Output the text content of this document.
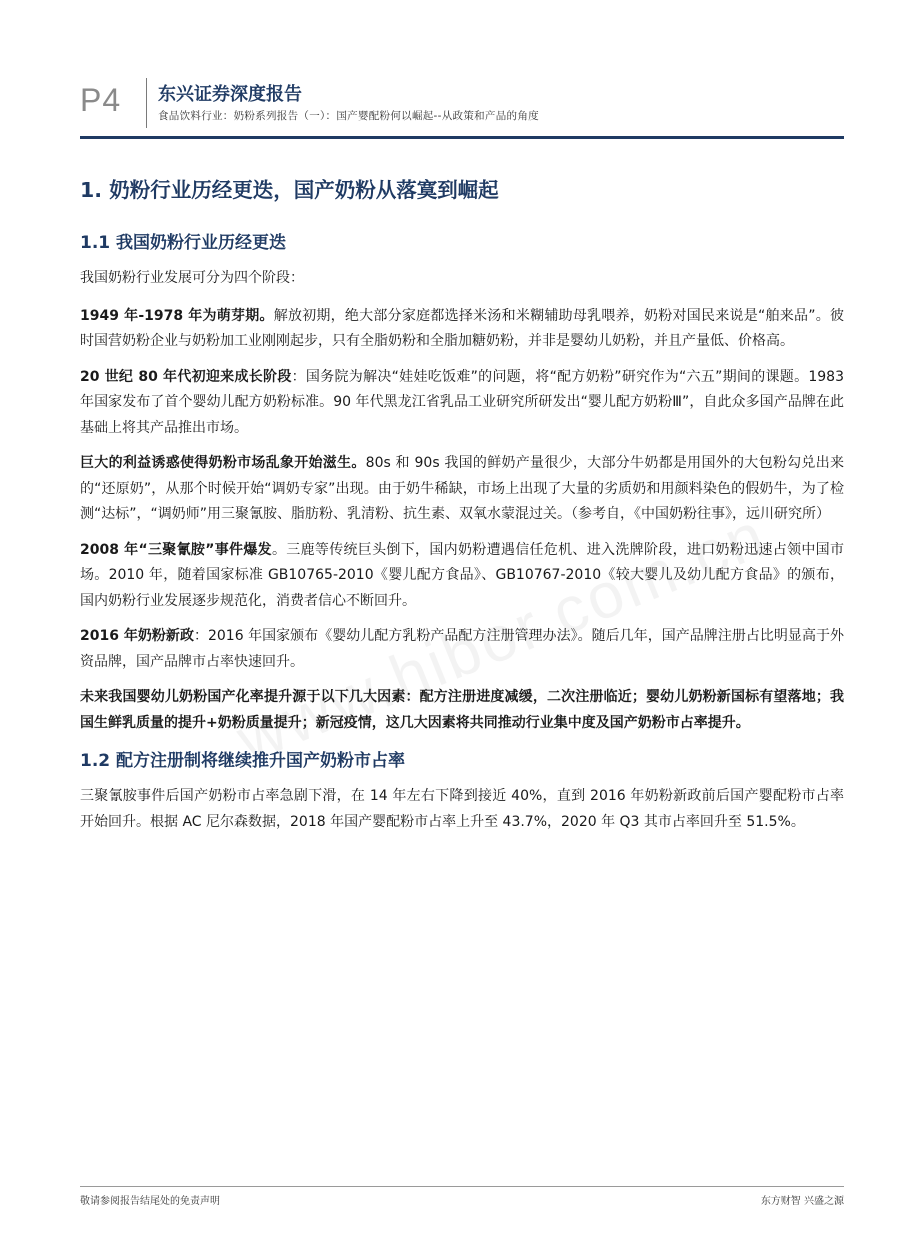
P4 东兴证券深度报告
食品饮料行业：奶粉系列报告（一）：国产婴配粉何以崛起--从政策和产品的角度
1. 奶粉行业历经更迭，国产奶粉从落寞到崛起
1.1 我国奶粉行业历经更迭

我国奶粉行业发展可分为四个阶段：

1949 年-1978 年为萌芽期。解放初期，绝大部分家庭都选择米汤和米糊辅助母乳喂养，奶粉对国民来说是“舶来品”。彼时国营奶粉企业与奶粉加工业刚刚起步，只有全脂奶粉和全脂加糖奶粉，并非是婴幼儿奶粉，并且产量低、价格高。

20 世纪 80 年代初迎来成长阶段：国务院为解决“娃娃吃饭难”的问题，将“配方奶粉”研究作为“六五”期间的课题。1983 年国家发布了首个婴幼儿配方奶粉标准。90 年代黑龙江省乳品工业研究所研发出“婴儿配方奶粉Ⅲ”，自此众多国产品牌在此基础上将其产品推出市场。

巨大的利益诱惑使得奶粉市场乱象开始滋生。80s 和 90s 我国的鲜奶产量很少，大部分牛奶都是用国外的大包粉勾兑出来的“还原奶”，从那个时候开始“调奶专家”出现。由于奶牛稀缺，市场上出现了大量的劣质奶和用颜料染色的假奶牛，为了检测“达标”，“调奶师”用三聚氰胺、脂肪粉、乳清粉、抗生素、双氧水蒙混过关。（参考自，《中国奶粉往事》，远川研究所）

2008 年“三聚氰胺”事件爆发。三鹿等传统巨头倒下，国内奶粉遭遇信任危机、进入洗牌阶段，进口奶粉迅速占领中国市场。2010 年，随着国家标准 GB10765-2010《婴儿配方食品》、GB10767-2010《较大婴儿及幼儿配方食品》的颁布，国内奶粉行业发展逐步规范化，消费者信心不断回升。

2016 年奶粉新政：2016 年国家颁布《婴幼儿配方乳粉产品配方注册管理办法》。随后几年，国产品牌注册占比明显高于外资品牌，国产品牌市占率快速回升。

未来我国婴幼儿奶粉国产化率提升源于以下几大因素：配方注册进度减缓，二次注册临近；婴幼儿奶粉新国标有望落地；我国生鲜乳质量的提升+奶粉质量提升；新冠疫情，这几大因素将共同推动行业集中度及国产奶粉市占率提升。

1.2 配方注册制将继续推升国产奶粉市占率

三聚氰胺事件后国产奶粉市占率急剧下滑，在 14 年左右下降到接近 40%，直到 2016 年奶粉新政前后国产婴配粉市占率开始回升。根据 AC 尼尔森数据，2018 年国产婴配粉市占率上升至 43.7%，2020 年 Q3 其市占率回升至 51.5%。

敬请参阅报告结尾处的免责声明	东方财智 兴盛之源
